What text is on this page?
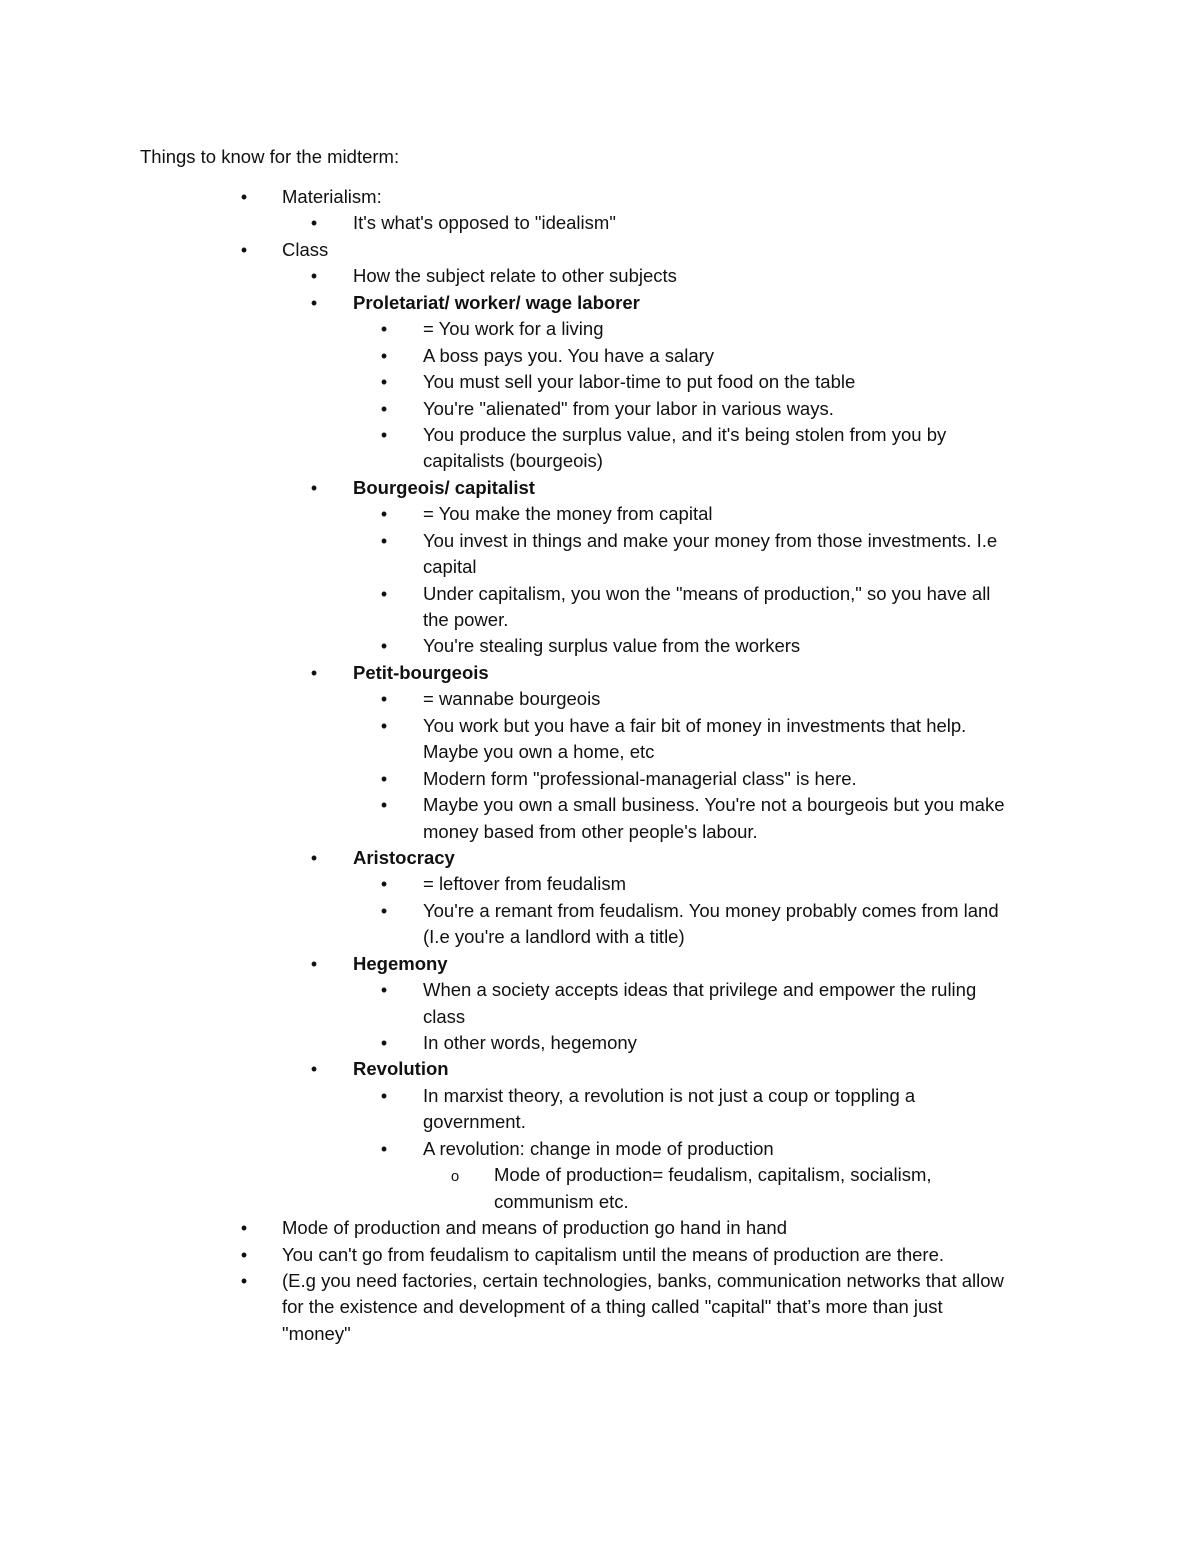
Things to know for the midterm:
•
Materialism:
•
It's what's opposed to "idealism"
•
Class
•
How the subject relate to other subjects
•
Proletariat/ worker/ wage laborer
•
= You work for a living
•
A boss pays you. You have a salary
•
You must sell your labor-time to put food on the table
•
You're "alienated" from your labor in various ways.
•
You produce the surplus value, and it's being stolen from you by
capitalists (bourgeois)
•
Bourgeois/ capitalist
•
= You make the money from capital
•
You invest in things and make your money from those investments. I.e
capital
•
Under capitalism, you won the "means of production," so you have all
the power.
•
You're stealing surplus value from the workers
•
Petit-bourgeois
•
= wannabe bourgeois
•
You work but you have a fair bit of money in investments that help.
Maybe you own a home, etc
•
Modern form "professional-managerial class" is here.
•
Maybe you own a small business. You're not a bourgeois but you make
money based from other people's labour.
•
Aristocracy
•
= leftover from feudalism
•
You're a remant from feudalism. You money probably comes from land
(I.e you're a landlord with a title)
•
Hegemony
•
When a society accepts ideas that privilege and empower the ruling
class
•
In other words, hegemony
•
Revolution
•
In marxist theory, a revolution is not just a coup or toppling a
government.
•
A revolution: change in mode of production
o
Mode of production= feudalism, capitalism, socialism,
communism etc.
•
Mode of production and means of production go hand in hand
•
You can't go from feudalism to capitalism until the means of production are there.
•
(E.g you need factories, certain technologies, banks, communication networks that allow
for the existence and development of a thing called "capital" that’s more than just
"money"
